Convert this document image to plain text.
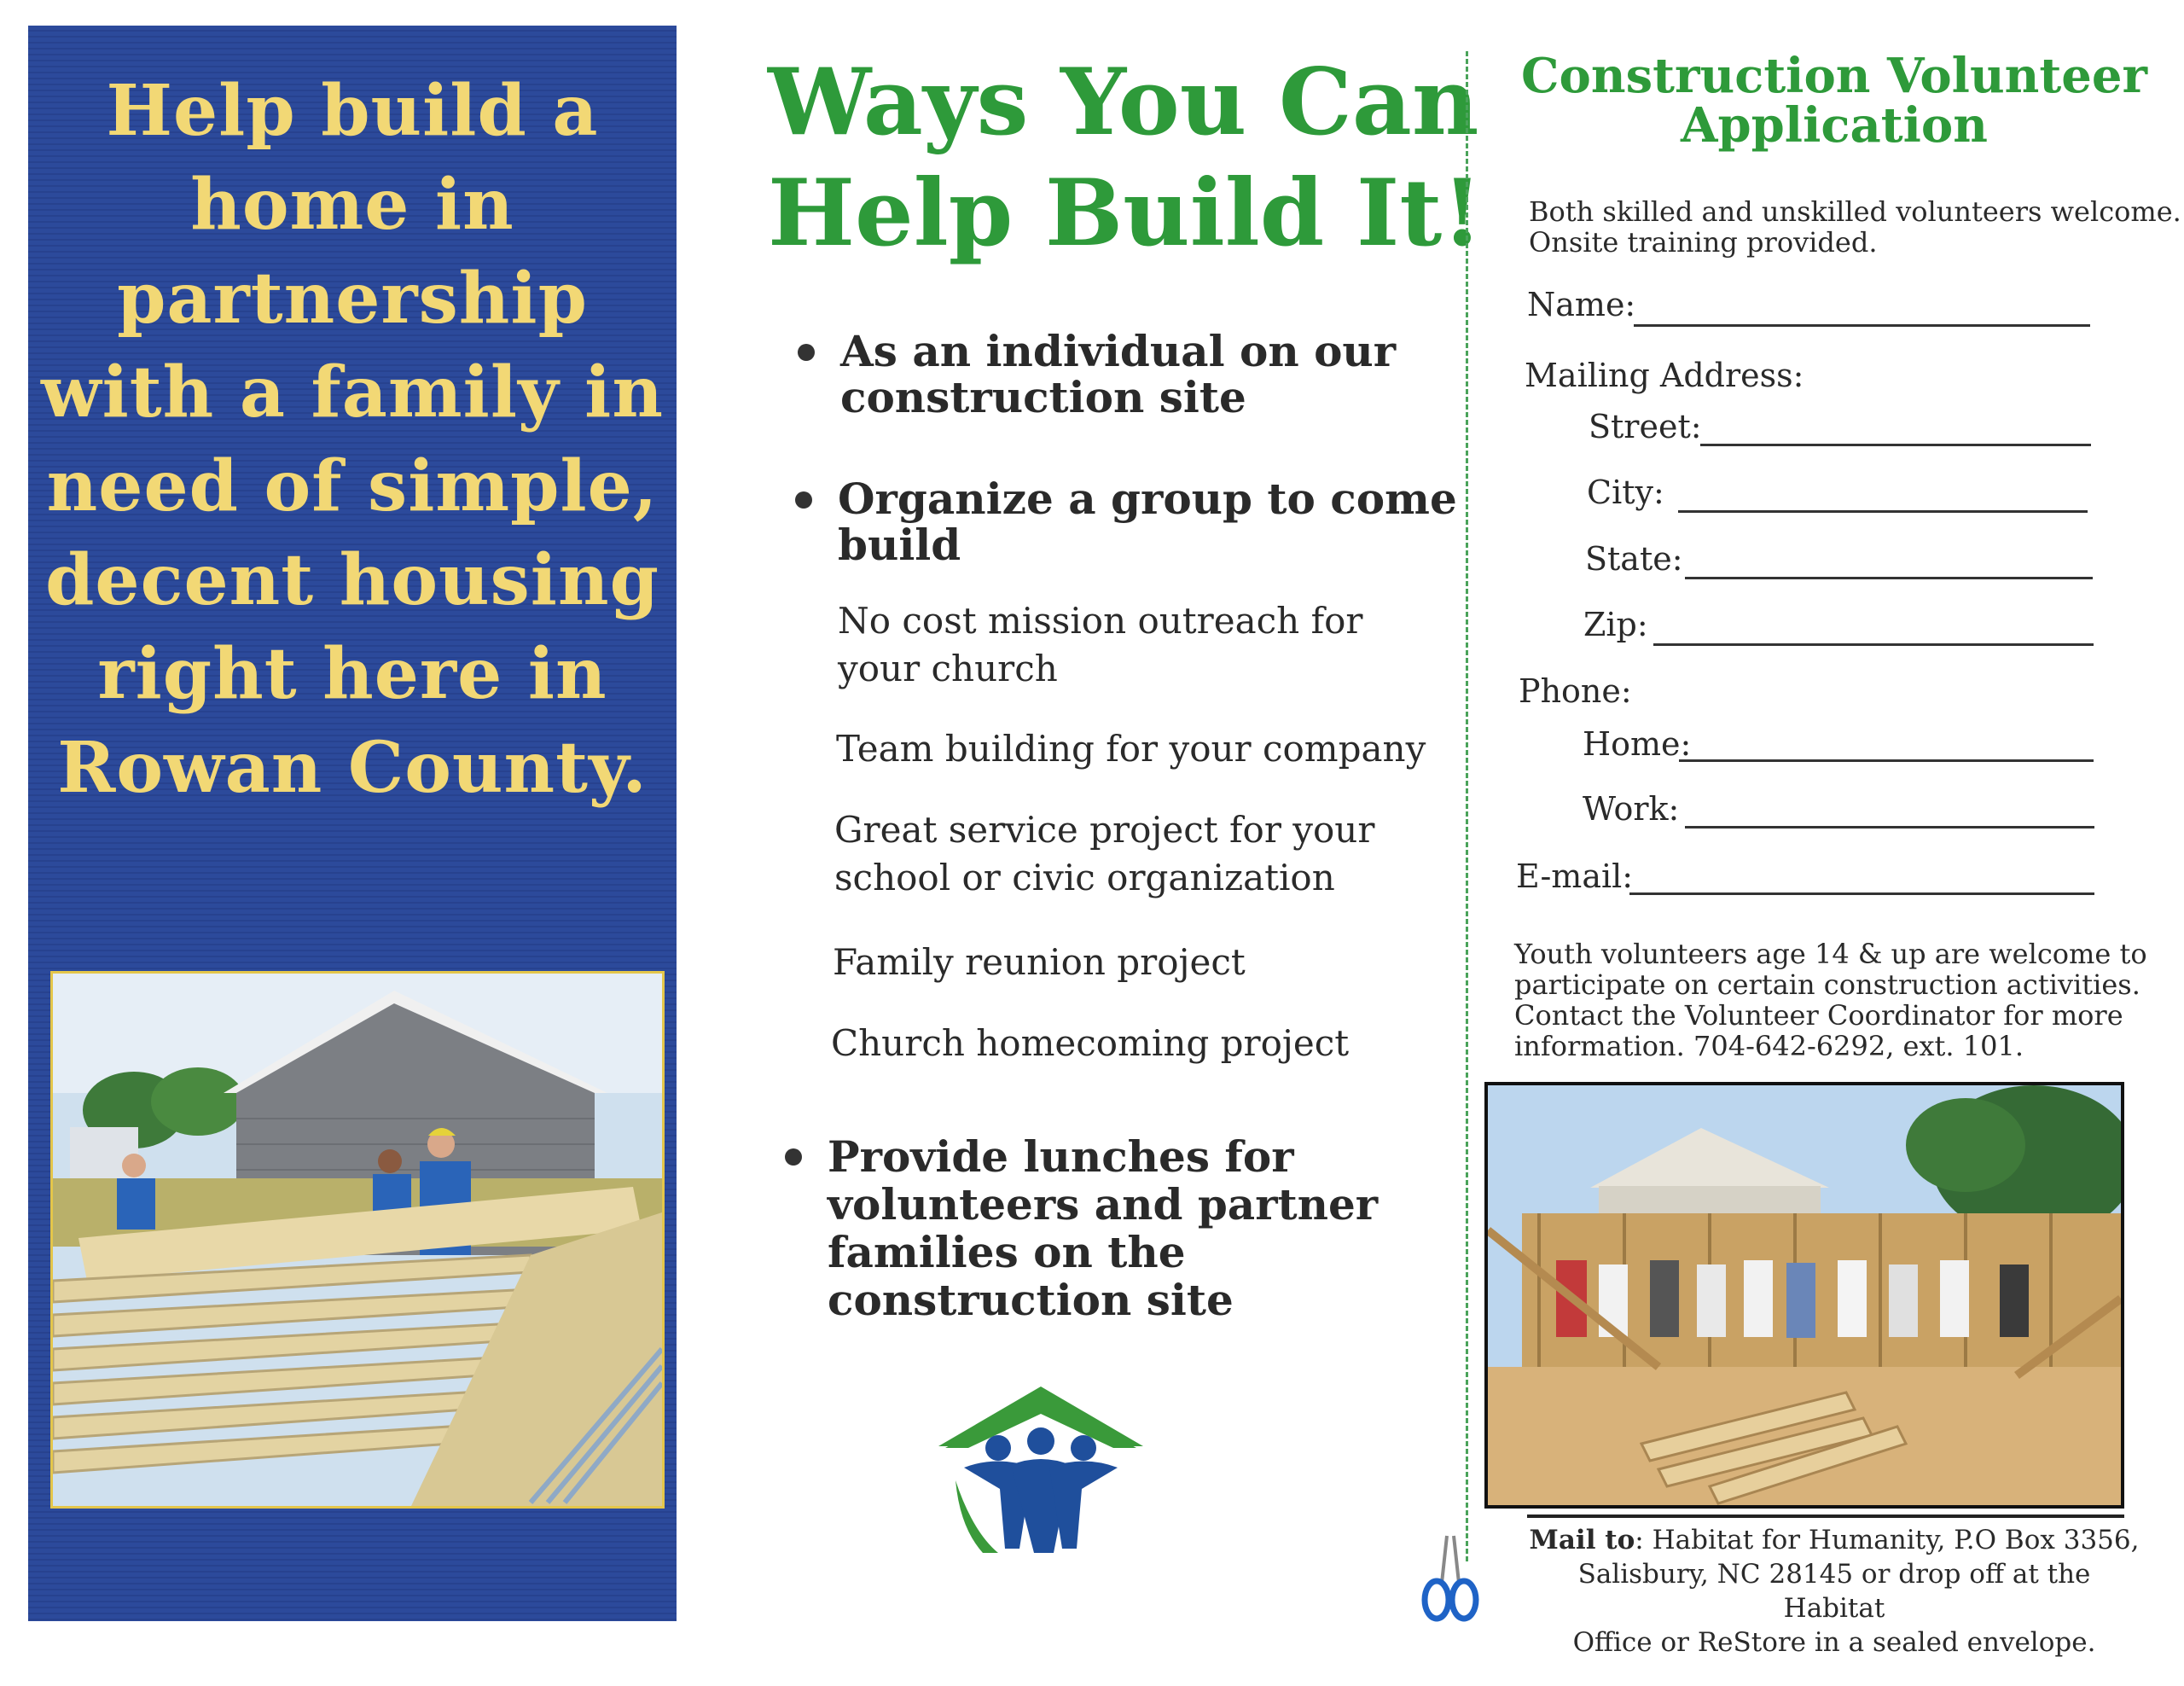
Help build a
home in
partnership
with a family in
need of simple,
decent housing
right here in
Rowan County.
Ways You Can
Help Build It!
As an individual on our
construction site
Organize a group to come
build
No cost mission outreach for
your church
Team building for your company
Great service project for your
school or civic organization
Family reunion project
Church homecoming project
Provide lunches for
volunteers and partner
families on the
construction site
Construction Volunteer
Application
Both skilled and unskilled volunteers welcome.
Onsite training provided.
Name:
Mailing Address:
Street:
City:
State:
Zip:
Phone:
Home:
Work:
E-mail:
Youth volunteers age 14 & up are welcome to
participate on certain construction activities.
Contact the Volunteer Coordinator for more
information. 704-642-6292, ext. 101.
Mail to: Habitat for Humanity, P.O Box 3356,
Salisbury, NC 28145 or drop off at the Habitat
Office or ReStore in a sealed envelope.
